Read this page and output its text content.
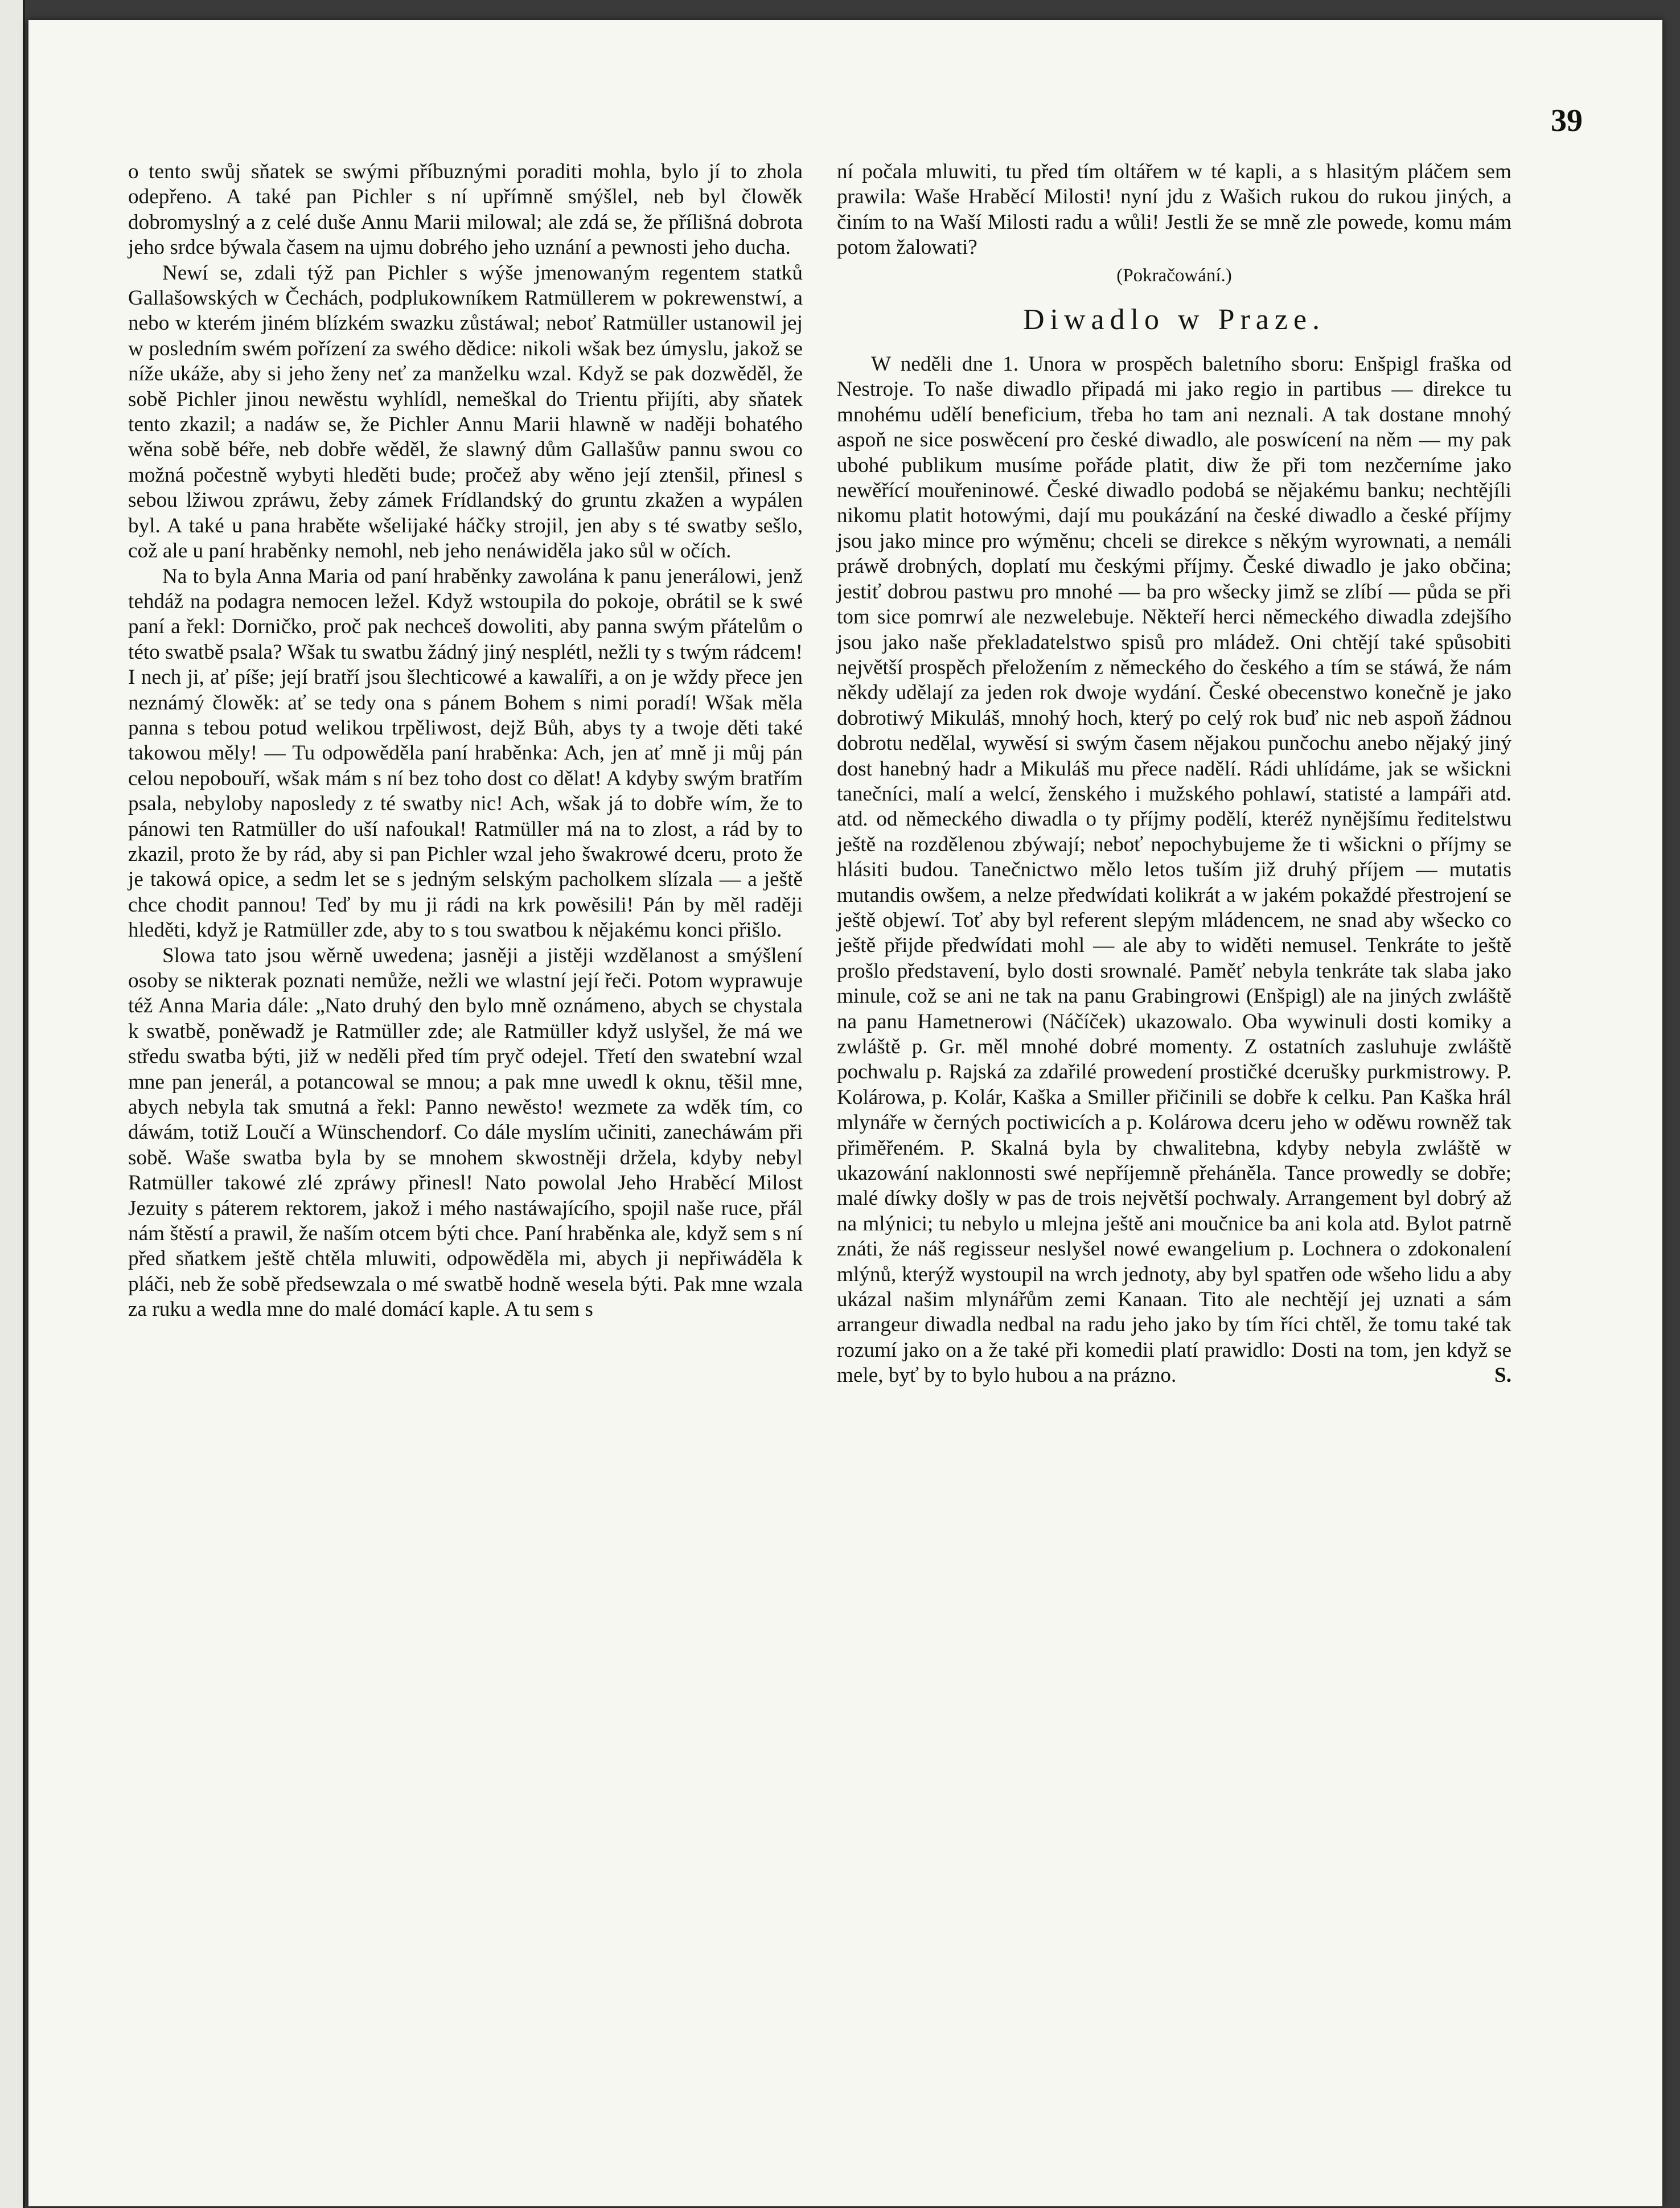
39

o tento swůj sňatek se swými příbuznými poraditi mohla, bylo jí to zhola odepřeno. A také pan Pichler s ní upřímně smýšlel, neb byl člowěk dobromyslný a z celé duše Annu Marii milowal; ale zdá se, že přílišná dobrota jeho srdce býwala časem na ujmu dobrého jeho uznání a pewnosti jeho ducha.

Newí se, zdali týž pan Pichler s wýše jmenowaným regentem statků Gallašowských w Čechách, podplukowníkem Ratmüllerem w pokrewenstwí, a nebo w kterém jiném blízkém swazku zůstáwal; neboť Ratmüller ustanowil jej w posledním swém pořízení za swého dědice: nikoli wšak bez úmyslu, jakož se níže ukáže, aby si jeho ženy neť za manželku wzal. Když se pak dozwěděl, že sobě Pichler jinou newěstu wyhlídl, nemeškal do Trientu přijíti, aby sňatek tento zkazil; a nadáw se, že Pichler Annu Marii hlawně w naději bohatého wěna sobě béře, neb dobře wěděl, že slawný dům Gallašůw pannu swou co možná počestně wybyti hleděti bude; pročež aby wěno její ztenšil, přinesl s sebou lžiwou zpráwu, žeby zámek Frídlandský do gruntu zkažen a wypálen byl. A také u pana hraběte wšelijaké háčky strojil, jen aby s té swatby sešlo, což ale u paní hraběnky nemohl, neb jeho nenáwiděla jako sůl w očích.

Na to byla Anna Maria od paní hraběnky zawolána k panu jenerálowi, jenž tehdáž na podagra nemocen ležel. Když wstoupila do pokoje, obrátil se k swé paní a řekl: Dorničko, proč pak nechceš dowoliti, aby panna swým přátelům o této swatbě psala? Wšak tu swatbu žádný jiný nesplétl, nežli ty s twým rádcem! I nech ji, ať píše; její bratří jsou šlechticowé a kawalíři, a on je wždy přece jen neznámý člowěk: ať se tedy ona s pánem Bohem s nimi poradí! Wšak měla panna s tebou potud welikou trpěliwost, dejž Bůh, abys ty a twoje děti také takowou měly! — Tu odpowěděla paní hraběnka: Ach, jen ať mně ji můj pán celou nepobouří, wšak mám s ní bez toho dost co dělat! A kdyby swým bratřím psala, nebyloby naposledy z té swatby nic! Ach, wšak já to dobře wím, že to pánowi ten Ratmüller do uší nafoukal! Ratmüller má na to zlost, a rád by to zkazil, proto že by rád, aby si pan Pichler wzal jeho šwakrowé dceru, proto že je takowá opice, a sedm let se s jedným selským pacholkem slízala — a ještě chce chodit pannou! Teď by mu ji rádi na krk powěsili! Pán by měl raději hleděti, když je Ratmüller zde, aby to s tou swatbou k nějakému konci přišlo.

Slowa tato jsou wěrně uwedena; jasněji a jistěji wzdělanost a smýšlení osoby se nikterak poznati nemůže, nežli we wlastní její řeči. Potom wyprawuje též Anna Maria dále: „Nato druhý den bylo mně oznámeno, abych se chystala k swatbě, poněwadž je Ratmüller zde; ale Ratmüller když uslyšel, že má we středu swatba býti, již w neděli před tím pryč odejel. Třetí den swatební wzal mne pan jenerál, a potancowal se mnou; a pak mne uwedl k oknu, těšil mne, abych nebyla tak smutná a řekl: Panno newěsto! wezmete za wděk tím, co dáwám, totiž Loučí a Wünschendorf. Co dále myslím učiniti, zanecháwám při sobě. Waše swatba byla by se mnohem skwostněji držela, kdyby nebyl Ratmüller takowé zlé zpráwy přinesl! Nato powolal Jeho Hraběcí Milost Jezuity s páterem rektorem, jakož i mého nastáwajícího, spojil naše ruce, přál nám štěstí a prawil, že naším otcem býti chce. Paní hraběnka ale, když sem s ní před sňatkem ještě chtěla mluwiti, odpowěděla mi, abych ji nepřiwáděla k pláči, neb že sobě předsewzala o mé swatbě hodně wesela býti. Pak mne wzala za ruku a wedla mne do malé domácí kaple. A tu sem s

ní počala mluwiti, tu před tím oltářem w té kapli, a s hlasitým pláčem sem prawila: Waše Hraběcí Milosti! nyní jdu z Wašich rukou do rukou jiných, a činím to na Waší Milosti radu a wůli! Jestli že se mně zle powede, komu mám potom žalowati?

(Pokračowání.)

Diwadlo w Praze.

W neděli dne 1. Unora w prospěch baletního sboru: Enšpigl fraška od Nestroje. To naše diwadlo připadá mi jako regio in partibus — direkce tu mnohému udělí beneficium, třeba ho tam ani neznali. A tak dostane mnohý aspoň ne sice poswěcení pro české diwadlo, ale poswícení na něm — my pak ubohé publikum musíme pořáde platit, diw že při tom nezčerníme jako newěřící mouřeninowé. České diwadlo podobá se nějakému banku; nechtějíli nikomu platit hotowými, dají mu poukázání na české diwadlo a české příjmy jsou jako mince pro wýměnu; chceli se direkce s někým wyrownati, a nemáli práwě drobných, doplatí mu českými příjmy. České diwadlo je jako občina; jestiť dobrou pastwu pro mnohé — ba pro wšecky jimž se zlíbí — půda se při tom sice pomrwí ale nezwelebuje. Někteří herci německého diwadla zdejšího jsou jako naše překladatelstwo spisů pro mládež. Oni chtějí také spůsobiti největší prospěch přeložením z německého do českého a tím se stáwá, že nám někdy udělají za jeden rok dwoje wydání. České obecenstwo konečně je jako dobrotiwý Mikuláš, mnohý hoch, který po celý rok buď nic neb aspoň žádnou dobrotu nedělal, wywěsí si swým časem nějakou punčochu anebo nějaký jiný dost hanebný hadr a Mikuláš mu přece nadělí. Rádi uhlídáme, jak se wšickni tanečníci, malí a welcí, ženského i mužského pohlawí, statisté a lampáři atd. atd. od německého diwadla o ty příjmy podělí, kteréž nynějšímu ředitelstwu ještě na rozdělenou zbýwají; neboť nepochybujeme že ti wšickni o příjmy se hlásiti budou. Tanečnictwo mělo letos tuším již druhý příjem — mutatis mutandis owšem, a nelze předwídati kolikrát a w jakém pokaždé přestrojení se ještě objewí. Toť aby byl referent slepým mládencem, ne snad aby wšecko co ještě přijde předwídati mohl — ale aby to widěti nemusel. Tenkráte to ještě prošlo představení, bylo dosti srownalé. Paměť nebyla tenkráte tak slaba jako minule, což se ani ne tak na panu Grabingrowi (Enšpigl) ale na jiných zwláště na panu Hametnerowi (Náčíček) ukazowalo. Oba wywinuli dosti komiky a zwláště p. Gr. měl mnohé dobré momenty. Z ostatních zasluhuje zwláště pochwalu p. Rajská za zdařilé prowedení prostičké dcerušky purkmistrowy. P. Kolárowa, p. Kolár, Kaška a Smiller přičinili se dobře k celku. Pan Kaška hrál mlynáře w černých poctiwicích a p. Kolárowa dceru jeho w oděwu rowněž tak přiměřeném. P. Skalná byla by chwalitebna, kdyby nebyla zwláště w ukazowání naklonnosti swé nepříjemně přeháněla. Tance prowedly se dobře; malé díwky došly w pas de trois největší pochwaly. Arrangement byl dobrý až na mlýnici; tu nebylo u mlejna ještě ani moučnice ba ani kola atd. Bylot patrně znáti, že náš regisseur neslyšel nowé ewangelium p. Lochnera o zdokonalení mlýnů, kterýž wystoupil na wrch jednoty, aby byl spatřen ode wšeho lidu a aby ukázal našim mlynářům zemi Kanaan. Tito ale nechtějí jej uznati a sám arrangeur diwadla nedbal na radu jeho jako by tím říci chtěl, že tomu také tak rozumí jako on a že také při komedii platí prawidlo: Dosti na tom, jen když se mele, byť by to bylo hubou a na prázno.	S.
